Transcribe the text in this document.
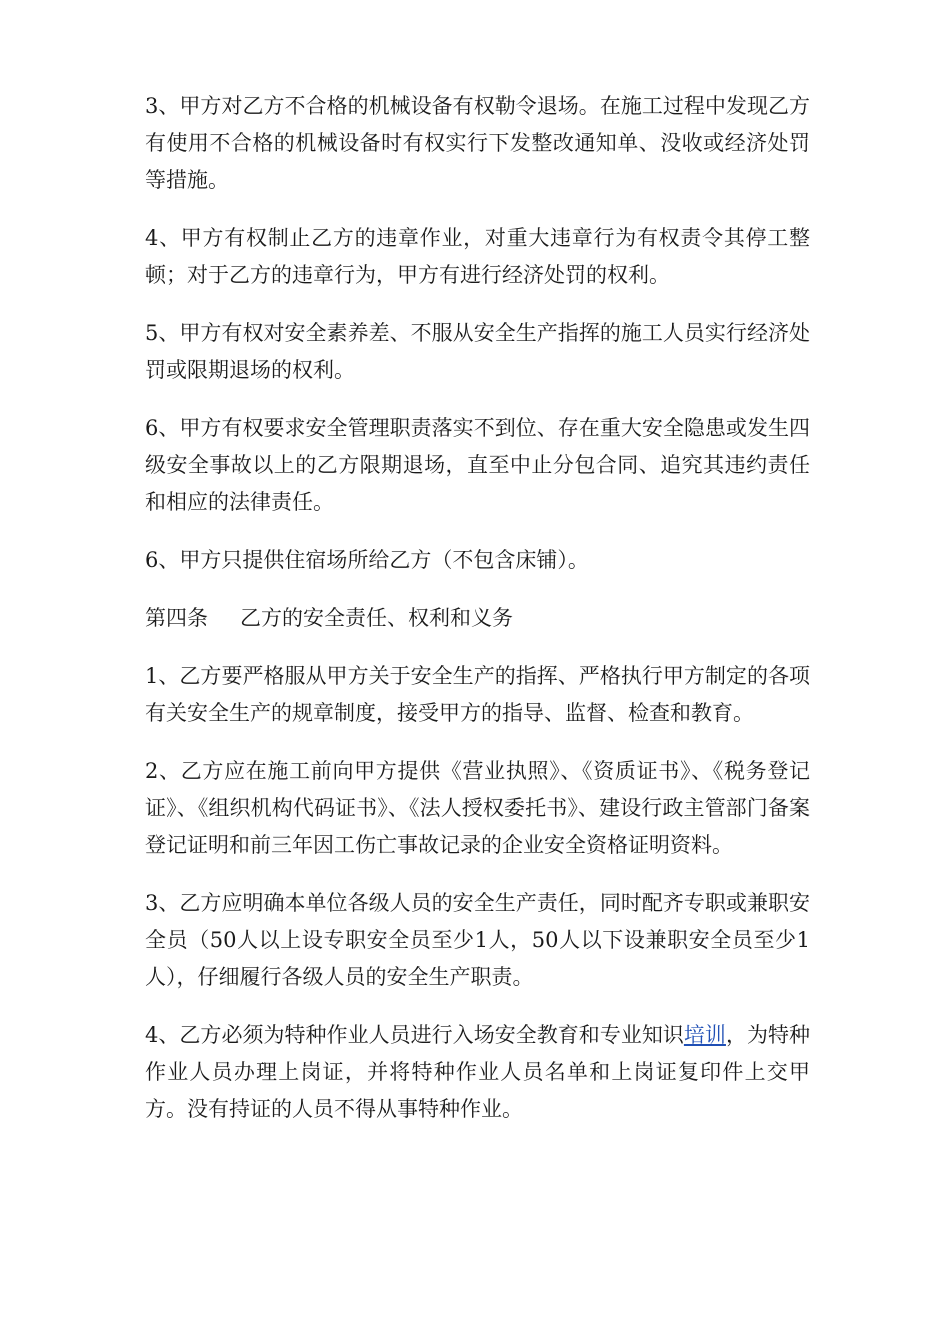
3、甲方对乙方不合格的机械设备有权勒令退场。在施工过程中发现乙方有使用不合格的机械设备时有权实行下发整改通知单、没收或经济处罚等措施。

4、甲方有权制止乙方的违章作业，对重大违章行为有权责令其停工整顿；对于乙方的违章行为，甲方有进行经济处罚的权利。

5、甲方有权对安全素养差、不服从安全生产指挥的施工人员实行经济处罚或限期退场的权利。

6、甲方有权要求安全管理职责落实不到位、存在重大安全隐患或发生四级安全事故以上的乙方限期退场，直至中止分包合同、追究其违约责任和相应的法律责任。

6、甲方只提供住宿场所给乙方（不包含床铺）。

第四条 乙方的安全责任、权利和义务

1、乙方要严格服从甲方关于安全生产的指挥、严格执行甲方制定的各项有关安全生产的规章制度，接受甲方的指导、监督、检查和教育。

2、乙方应在施工前向甲方提供《营业执照》、《资质证书》、《税务登记证》、《组织机构代码证书》、《法人授权委托书》、建设行政主管部门备案登记证明和前三年因工伤亡事故记录的企业安全资格证明资料。

3、乙方应明确本单位各级人员的安全生产责任，同时配齐专职或兼职安全员（50人以上设专职安全员至少1人，50人以下设兼职安全员至少1人），仔细履行各级人员的安全生产职责。

4、乙方必须为特种作业人员进行入场安全教育和专业知识培训，为特种作业人员办理上岗证，并将特种作业人员名单和上岗证复印件上交甲方。没有持证的人员不得从事特种作业。
